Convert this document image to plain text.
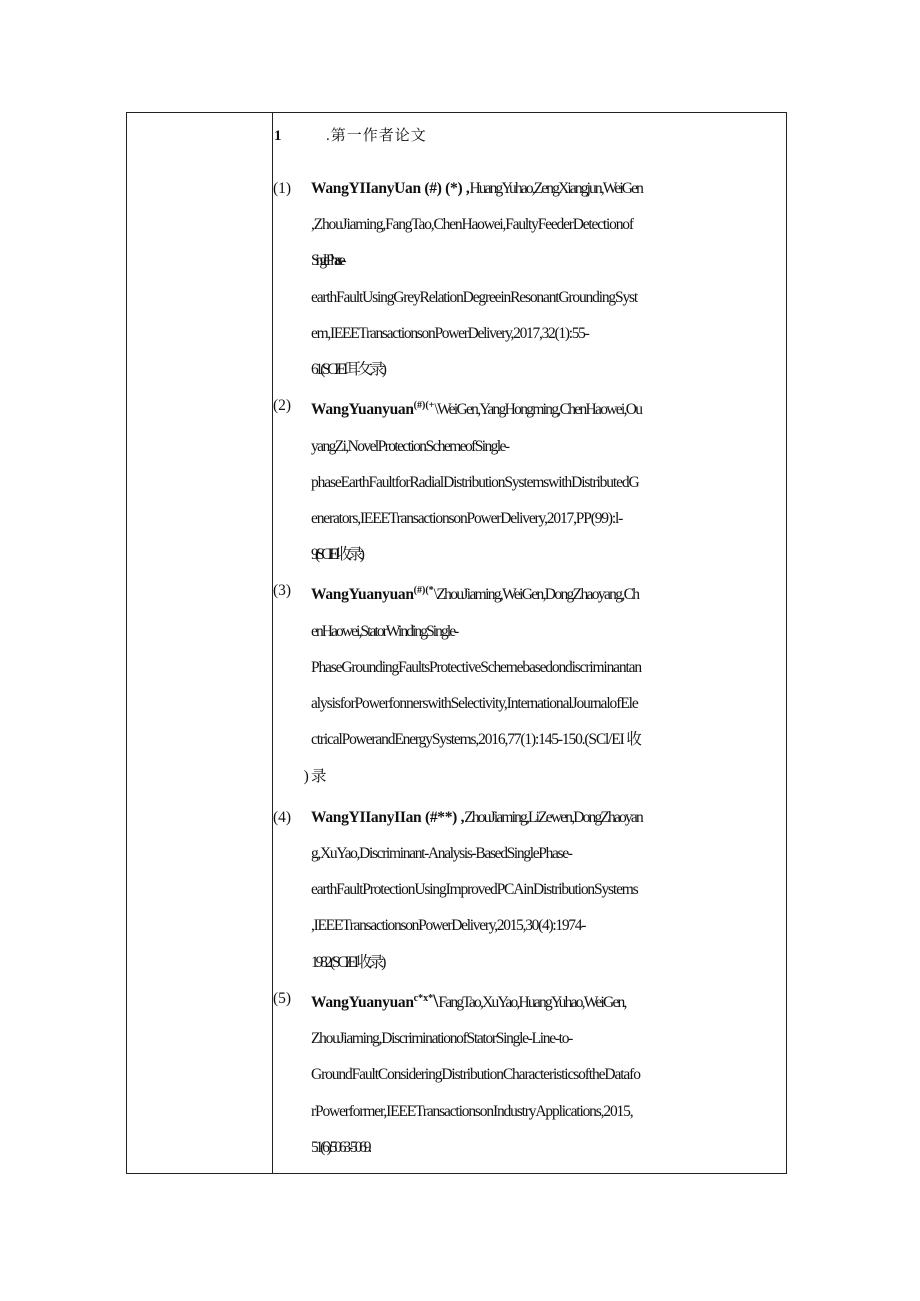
1	.第一作者论文
(1)	WangYIIanyUan (#) (*) ,HuangYuhao,ZengXiangjun,WeiGen
,ZhouJiaming,FangTao,ChenHaowei,FaultyFeederDetectionof
SinglePhase-
earthFaultUsingGreyRelationDegreeinResonantGroundingSyst
em,IEEETransactionsonPowerDelivery,2017,32(1):55-
61.(SCI/EI 耳攵录)
(2)	WangYuanyuan(#)(+\WeiGen,YangHongming,ChenHaowei,Ou
yangZi,NovelProtectionSchemeofSingle-
phaseEarthFaultforRadialDistributionSystemswithDistributedG
enerators,IEEETransactionsonPowerDelivery,2017,PP(99):l-
9.(SCI/EI 收录)
(3)	WangYuanyuan(#)(*\ZhouJiaming,WeiGen,DongZhaoyang,Ch
enHaowei,StatorWindingSingle-
PhaseGroundingFaultsProtectiveSchemebasedondiscriminantan
alysisforPowerfonnerswithSelectivity,InternationalJournalofEle
ctricalPowerandEnergySystems,2016,77(1):145-150.(SCl/EI 收
(4)	WangYIIanyIIan (#**) ,ZhouJiaming,LiZewen,DongZhaoyan
g,XuYao,Discriminant-Analysis-BasedSinglePhase-
earthFaultProtectionUsingImprovedPCAinDistributionSystems
,IEEETransactionsonPowerDelivery,2015,30(4):1974-
1982.(SCI/EI 收录)
(5)	WangYuanyuan$^{c*x*}$\FangTao,XuYao,HuangYuhao,WeiGen,
ZhouJiaming,DiscriminationofStatorSingle-Line-to-
GroundFaultConsideringDistributionCharacteristicsoftheDatafo
rPowerformer,IEEETransactionsonIndustryApplications,2015,
51(6):5063-5069.
